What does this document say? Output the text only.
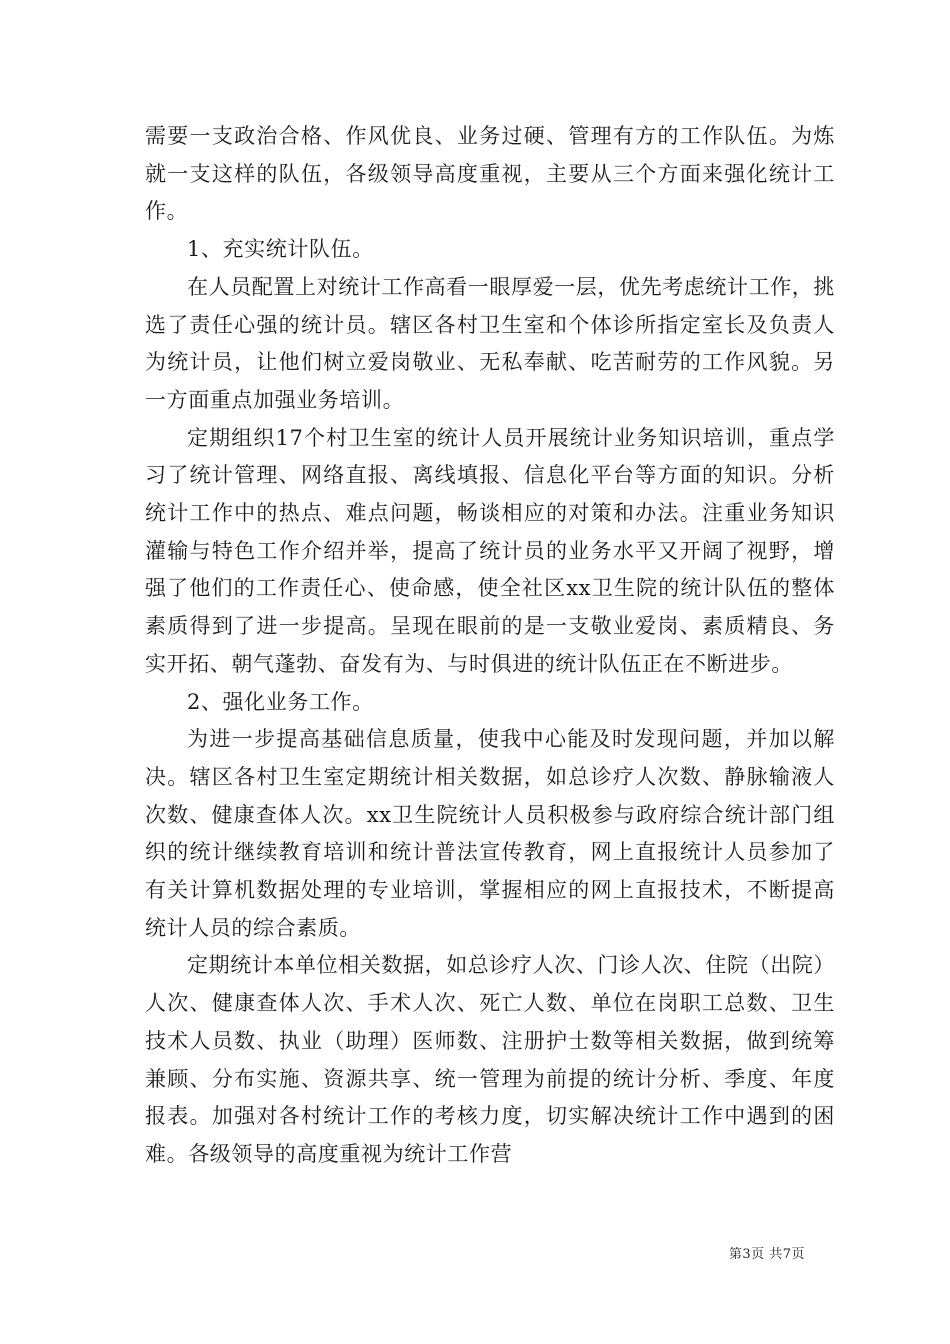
需要一支政治合格、作风优良、业务过硬、管理有方的工作队伍。为炼就一支这样的队伍，各级领导高度重视，主要从三个方面来强化统计工作。

1、充实统计队伍。

在人员配置上对统计工作高看一眼厚爱一层，优先考虑统计工作，挑选了责任心强的统计员。辖区各村卫生室和个体诊所指定室长及负责人为统计员，让他们树立爱岗敬业、无私奉献、吃苦耐劳的工作风貌。另一方面重点加强业务培训。

定期组织17个村卫生室的统计人员开展统计业务知识培训，重点学习了统计管理、网络直报、离线填报、信息化平台等方面的知识。分析统计工作中的热点、难点问题，畅谈相应的对策和办法。注重业务知识灌输与特色工作介绍并举，提高了统计员的业务水平又开阔了视野，增强了他们的工作责任心、使命感，使全社区xx卫生院的统计队伍的整体素质得到了进一步提高。呈现在眼前的是一支敬业爱岗、素质精良、务实开拓、朝气蓬勃、奋发有为、与时俱进的统计队伍正在不断进步。

2、强化业务工作。

为进一步提高基础信息质量，使我中心能及时发现问题，并加以解决。辖区各村卫生室定期统计相关数据，如总诊疗人次数、静脉输液人次数、健康查体人次。xx卫生院统计人员积极参与政府综合统计部门组织的统计继续教育培训和统计普法宣传教育，网上直报统计人员参加了有关计算机数据处理的专业培训，掌握相应的网上直报技术，不断提高统计人员的综合素质。

定期统计本单位相关数据，如总诊疗人次、门诊人次、住院（出院）人次、健康查体人次、手术人次、死亡人数、单位在岗职工总数、卫生技术人员数、执业（助理）医师数、注册护士数等相关数据，做到统筹兼顾、分布实施、资源共享、统一管理为前提的统计分析、季度、年度报表。加强对各村统计工作的考核力度，切实解决统计工作中遇到的困难。各级领导的高度重视为统计工作营

第3页 共7页
